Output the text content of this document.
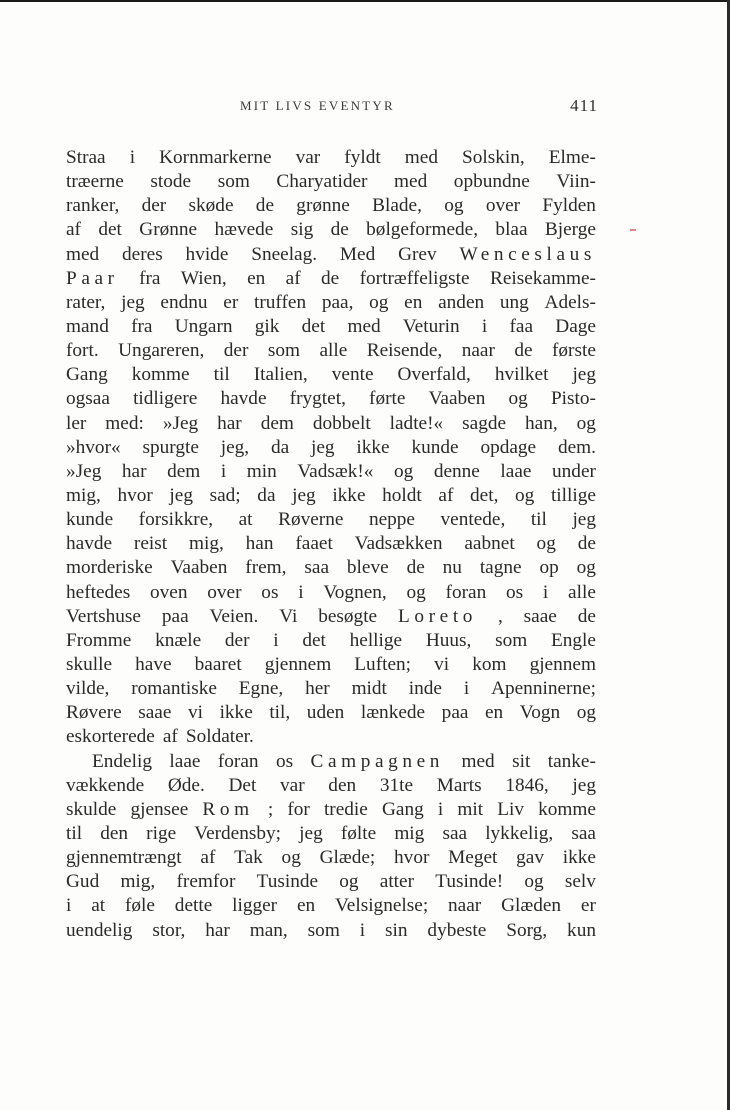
MIT LIVS EVENTYR	411
Straa i Kornmarkerne var fyldt med Solskin, Elme-
træerne stode som Charyatider med opbundne Viin-
ranker, der skøde de grønne Blade, og over Fylden
af det Grønne hævede sig de bølgeformede, blaa Bjerge
med deres hvide Sneelag. Med Grev Wenceslaus
Paar fra Wien, en af de fortræffeligste Reisekamme-
rater, jeg endnu er truffen paa, og en anden ung Adels-
mand fra Ungarn gik det med Veturin i faa Dage
fort. Ungareren, der som alle Reisende, naar de første
Gang komme til Italien, vente Overfald, hvilket jeg
ogsaa tidligere havde frygtet, førte Vaaben og Pisto-
ler med: »Jeg har dem dobbelt ladte!« sagde han, og
»hvor« spurgte jeg, da jeg ikke kunde opdage dem.
»Jeg har dem i min Vadsæk!« og denne laae under
mig, hvor jeg sad; da jeg ikke holdt af det, og tillige
kunde forsikkre, at Røverne neppe ventede, til jeg
havde reist mig, han faaet Vadsækken aabnet og de
morderiske Vaaben frem, saa bleve de nu tagne op og
heftedes oven over os i Vognen, og foran os i alle
Vertshuse paa Veien. Vi besøgte Loreto , saae de
Fromme knæle der i det hellige Huus, som Engle
skulle have baaret gjennem Luften; vi kom gjennem
vilde, romantiske Egne, her midt inde i Apenninerne;
Røvere saae vi ikke til, uden lænkede paa en Vogn og
eskorterede af Soldater.
Endelig laae foran os Campagnen med sit tanke-
vækkende Øde. Det var den 31te Marts 1846, jeg
skulde gjensee Rom ; for tredie Gang i mit Liv komme
til den rige Verdensby; jeg følte mig saa lykkelig, saa
gjennemtrængt af Tak og Glæde; hvor Meget gav ikke
Gud mig, fremfor Tusinde og atter Tusinde! og selv
i at føle dette ligger en Velsignelse; naar Glæden er
uendelig stor, har man, som i sin dybeste Sorg, kun
